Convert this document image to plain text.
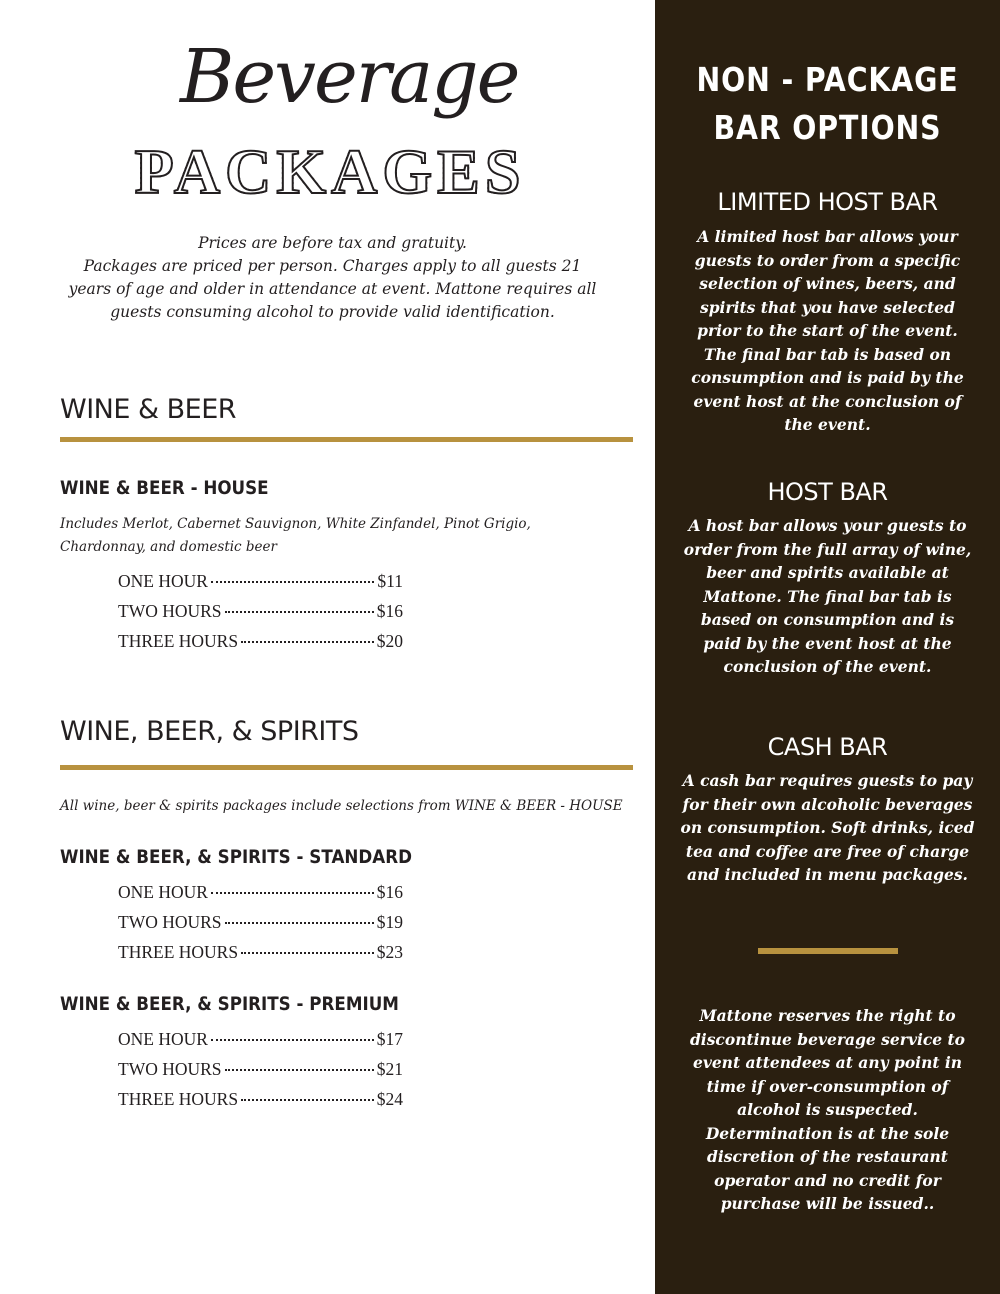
Beverage
PACKAGES
Prices are before tax and gratuity.
Packages are priced per person. Charges apply to all guests 21 years of age and older in attendance at event. Mattone requires all guests consuming alcohol to provide valid identification.
WINE & BEER
WINE & BEER - HOUSE
Includes Merlot, Cabernet Sauvignon, White Zinfandel, Pinot Grigio, Chardonnay, and domestic beer
ONE HOUR	$11
TWO HOURS	$16
THREE HOURS	$20
WINE, BEER, & SPIRITS
All wine, beer & spirits packages include selections from WINE & BEER - HOUSE
WINE & BEER, & SPIRITS - STANDARD
ONE HOUR	$16
TWO HOURS	$19
THREE HOURS	$23
WINE & BEER, & SPIRITS - PREMIUM
ONE HOUR	$17
TWO HOURS	$21
THREE HOURS	$24
NON - PACKAGE
BAR OPTIONS
LIMITED HOST BAR
A limited host bar allows your guests to order from a specific selection of wines, beers, and spirits that you have selected prior to the start of the event. The final bar tab is based on consumption and is paid by the event host at the conclusion of the event.
HOST BAR
A host bar allows your guests to order from the full array of wine, beer and spirits available at Mattone. The final bar tab is based on consumption and is paid by the event host at the conclusion of the event.
CASH BAR
A cash bar requires guests to pay for their own alcoholic beverages on consumption. Soft drinks, iced tea and coffee are free of charge and included in menu packages.
Mattone reserves the right to discontinue beverage service to event attendees at any point in time if over-consumption of alcohol is suspected. Determination is at the sole discretion of the restaurant operator and no credit for purchase will be issued..
